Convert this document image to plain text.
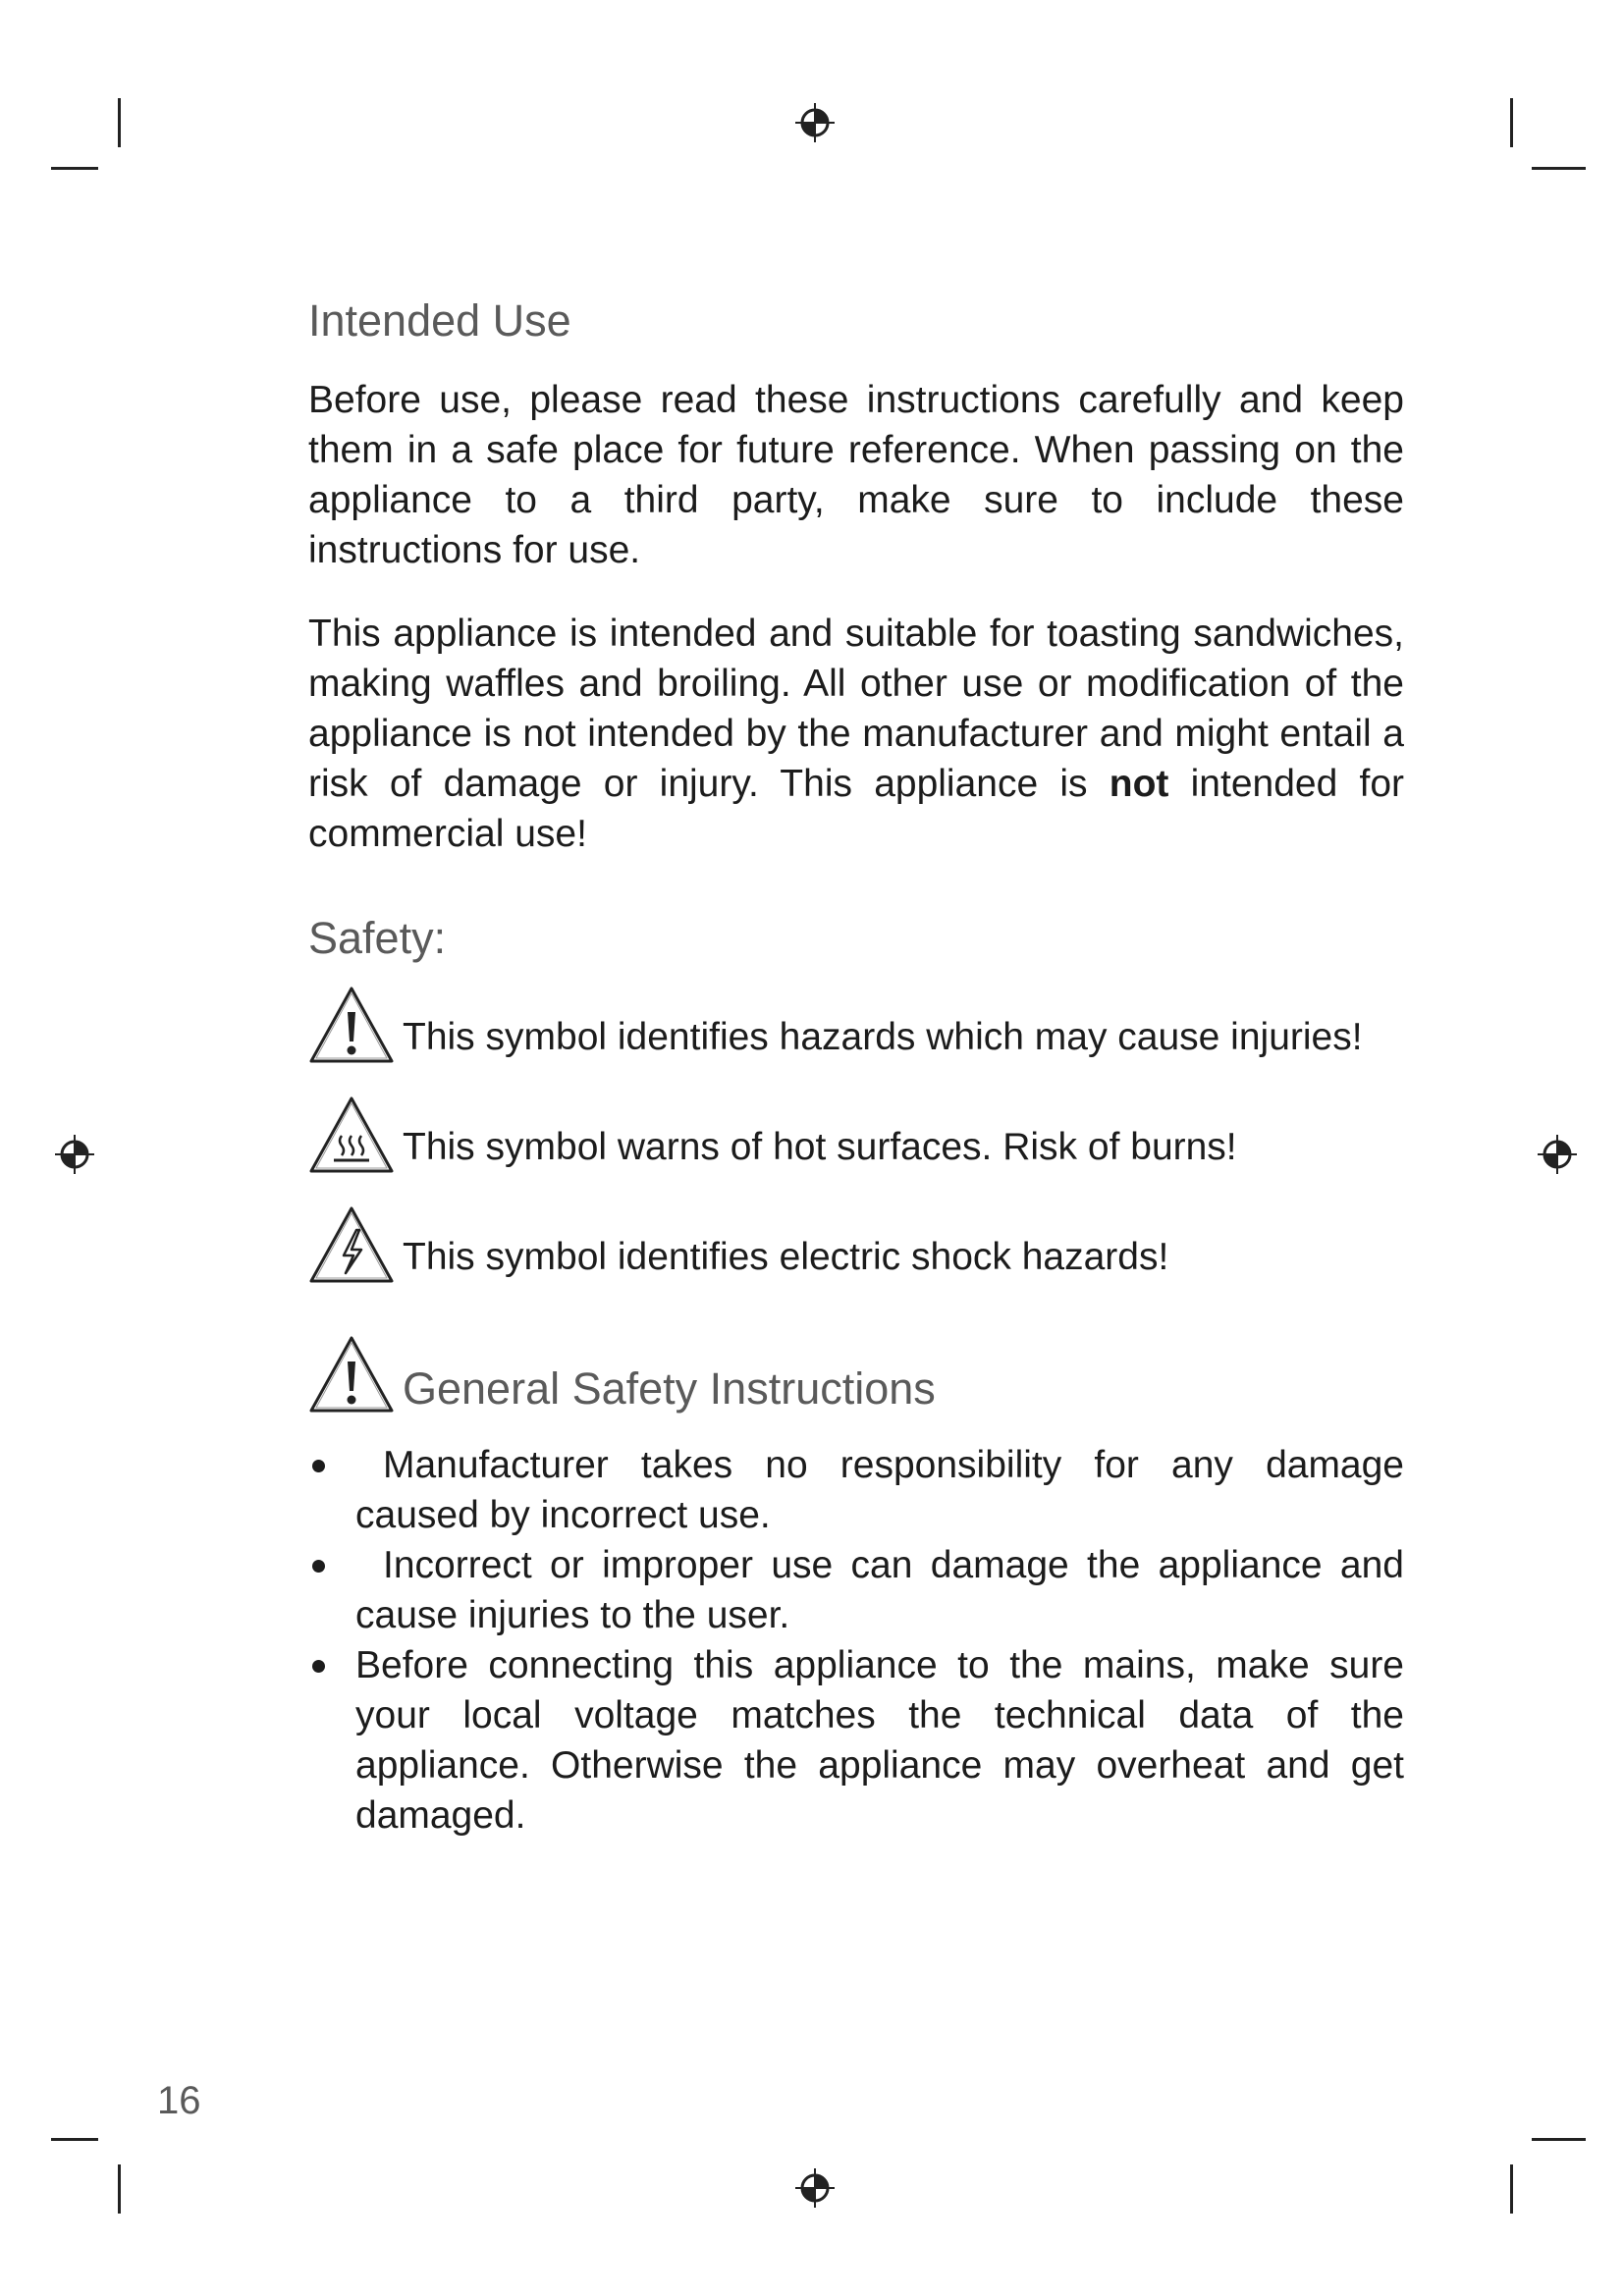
Intended Use

Before use, please read these instructions carefully and keep them in a safe place for future reference. When passing on the appliance to a third party, make sure to include these instructions for use.

This appliance is intended and suitable for toasting sandwiches, making waffles and broiling. All other use or modification of the appliance is not intended by the manufacturer and might entail a risk of damage or injury. This appliance is not intended for commercial use!

Safety:
This symbol identifies hazards which may cause injuries!
This symbol warns of hot surfaces. Risk of burns!
This symbol identifies electric shock hazards!
General Safety Instructions
Manufacturer takes no responsibility for any damage caused by incorrect use.
Incorrect or improper use can damage the appliance and cause injuries to the user.
Before connecting this appliance to the mains, make sure your local voltage matches the technical data of the appliance. Otherwise the appliance may overheat and get damaged.
16
